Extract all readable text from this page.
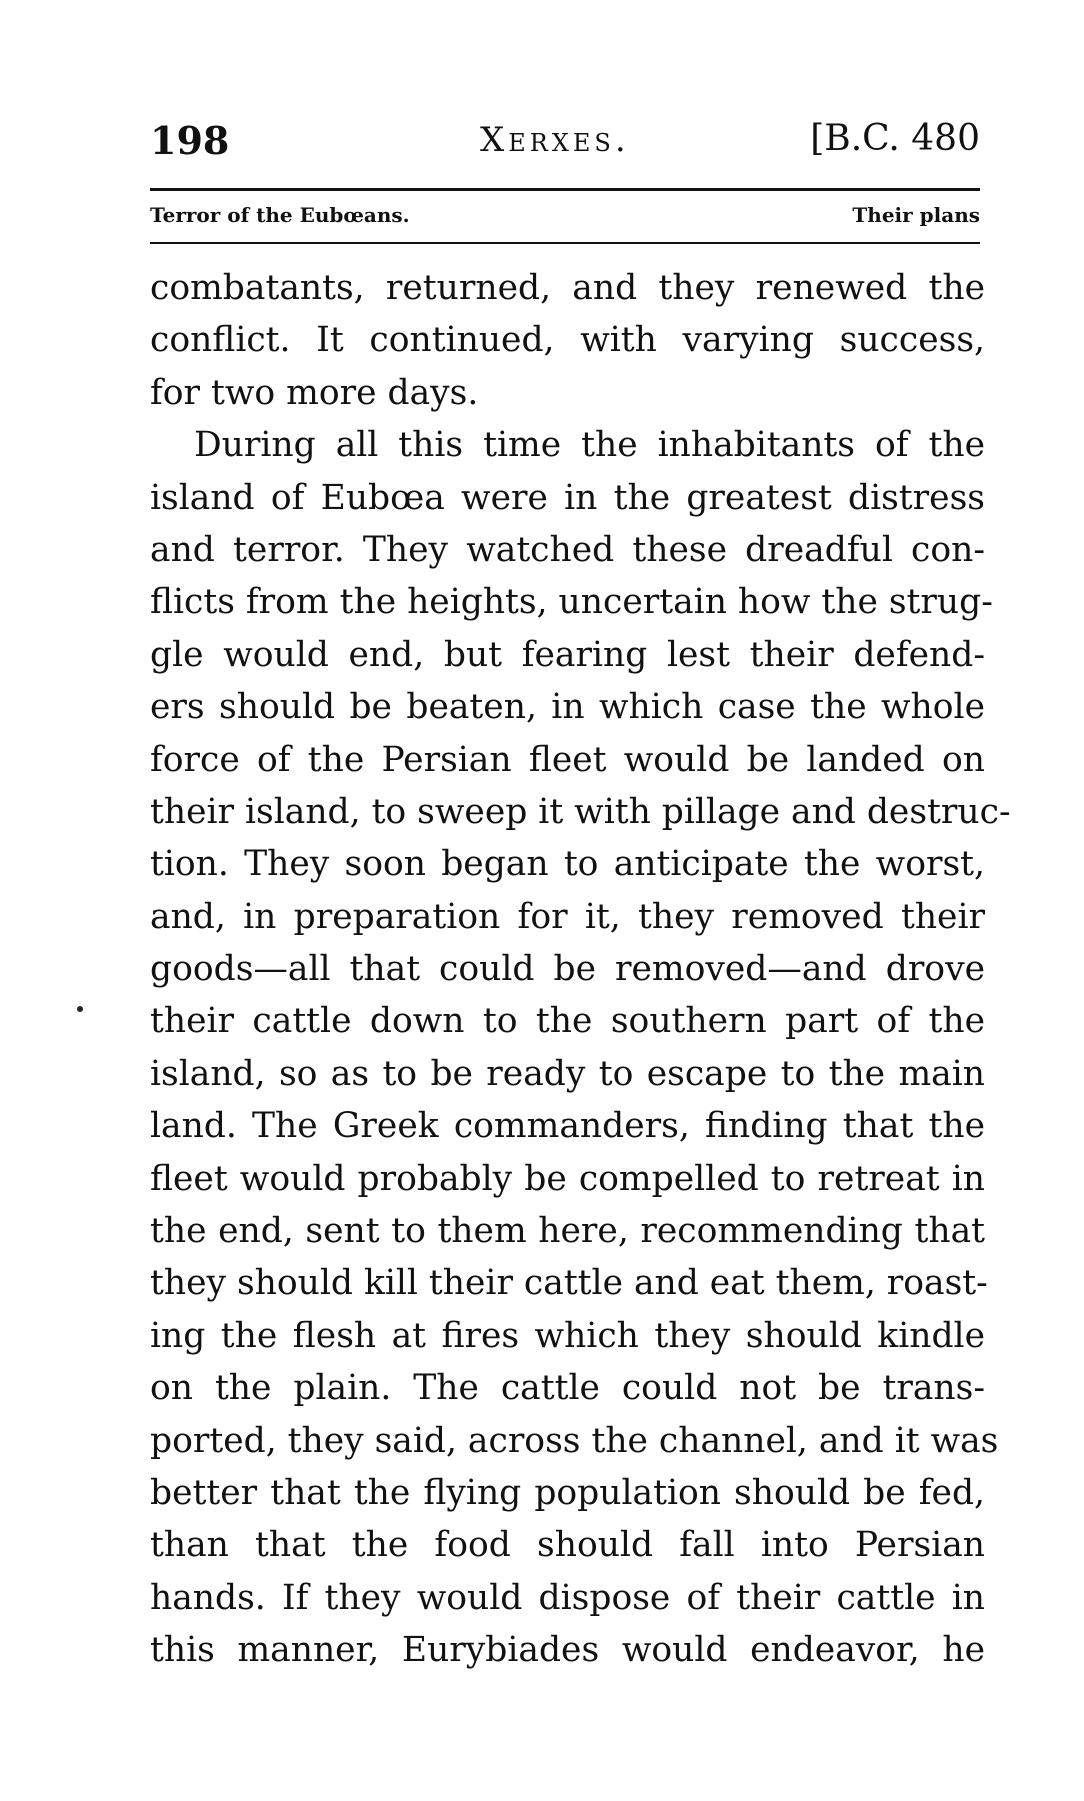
198	Xerxes.	[B.C. 480
Terror of the Eubœans.	Their plans
combatants, returned, and they renewed the
conflict. It continued, with varying success,
for two more days.
During all this time the inhabitants of the
island of Eubœa were in the greatest distress
and terror. They watched these dreadful con-
flicts from the heights, uncertain how the strug-
gle would end, but fearing lest their defend-
ers should be beaten, in which case the whole
force of the Persian fleet would be landed on
their island, to sweep it with pillage and destruc-
tion. They soon began to anticipate the worst,
and, in preparation for it, they removed their
goods—all that could be removed—and drove
their cattle down to the southern part of the
island, so as to be ready to escape to the main
land. The Greek commanders, finding that the
fleet would probably be compelled to retreat in
the end, sent to them here, recommending that
they should kill their cattle and eat them, roast-
ing the flesh at fires which they should kindle
on the plain. The cattle could not be trans-
ported, they said, across the channel, and it was
better that the flying population should be fed,
than that the food should fall into Persian
hands. If they would dispose of their cattle in
this manner, Eurybiades would endeavor, he
